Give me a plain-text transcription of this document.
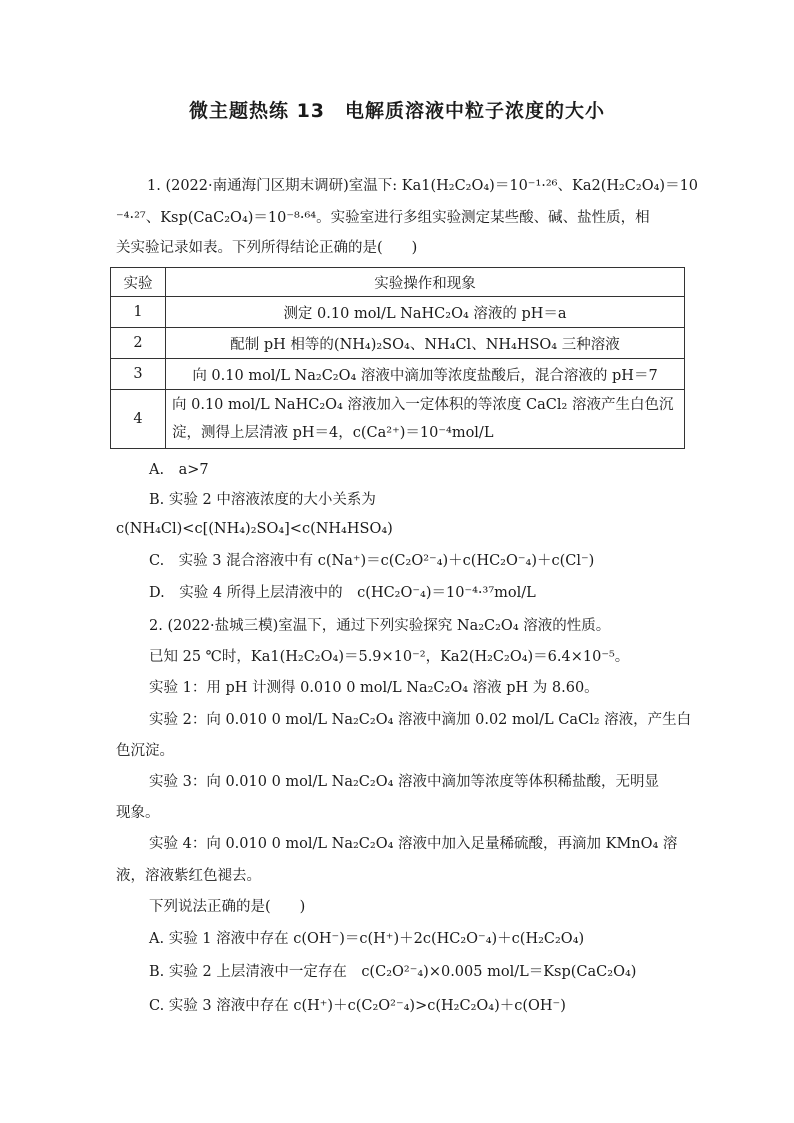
微主题热练 13　电解质溶液中粒子浓度的大小
1. (2022·南通海门区期末调研)室温下: Ka1(H₂C₂O₄)＝10⁻¹·²⁶、Ka2(H₂C₂O₄)＝10
⁻⁴·²⁷、Ksp(CaC₂O₄)＝10⁻⁸·⁶⁴。实验室进行多组实验测定某些酸、碱、盐性质，相
关实验记录如表。下列所得结论正确的是(　　)
实验	实验操作和现象
1	测定 0.10 mol/L NaHC₂O₄ 溶液的 pH＝a
2	配制 pH 相等的(NH₄)₂SO₄、NH₄Cl、NH₄HSO₄ 三种溶液
3	向 0.10 mol/L Na₂C₂O₄ 溶液中滴加等浓度盐酸后，混合溶液的 pH＝7
4	向 0.10 mol/L NaHC₂O₄ 溶液加入一定体积的等浓度 CaCl₂ 溶液产生白色沉
淀，测得上层清液 pH＝4，c(Ca²⁺)＝10⁻⁴mol/L
A.　a>7
B. 实验 2 中溶液浓度的大小关系为
c(NH₄Cl)<c[(NH₄)₂SO₄]<c(NH₄HSO₄)
C.　实验 3 混合溶液中有 c(Na⁺)＝c(C₂O²⁻₄)＋c(HC₂O⁻₄)＋c(Cl⁻)
D.　实验 4 所得上层清液中的　c(HC₂O⁻₄)＝10⁻⁴·³⁷mol/L
2. (2022·盐城三模)室温下，通过下列实验探究 Na₂C₂O₄ 溶液的性质。
已知 25 ℃时，Ka1(H₂C₂O₄)＝5.9×10⁻²，Ka2(H₂C₂O₄)＝6.4×10⁻⁵。
实验 1：用 pH 计测得 0.010 0 mol/L Na₂C₂O₄ 溶液 pH 为 8.60。
实验 2：向 0.010 0 mol/L Na₂C₂O₄ 溶液中滴加 0.02 mol/L CaCl₂ 溶液，产生白
色沉淀。
实验 3：向 0.010 0 mol/L Na₂C₂O₄ 溶液中滴加等浓度等体积稀盐酸，无明显
现象。
实验 4：向 0.010 0 mol/L Na₂C₂O₄ 溶液中加入足量稀硫酸，再滴加 KMnO₄ 溶
液，溶液紫红色褪去。
下列说法正确的是(　　)
A. 实验 1 溶液中存在 c(OH⁻)＝c(H⁺)＋2c(HC₂O⁻₄)＋c(H₂C₂O₄)
B. 实验 2 上层清液中一定存在　c(C₂O²⁻₄)×0.005 mol/L＝Ksp(CaC₂O₄)
C. 实验 3 溶液中存在 c(H⁺)＋c(C₂O²⁻₄)>c(H₂C₂O₄)＋c(OH⁻)
